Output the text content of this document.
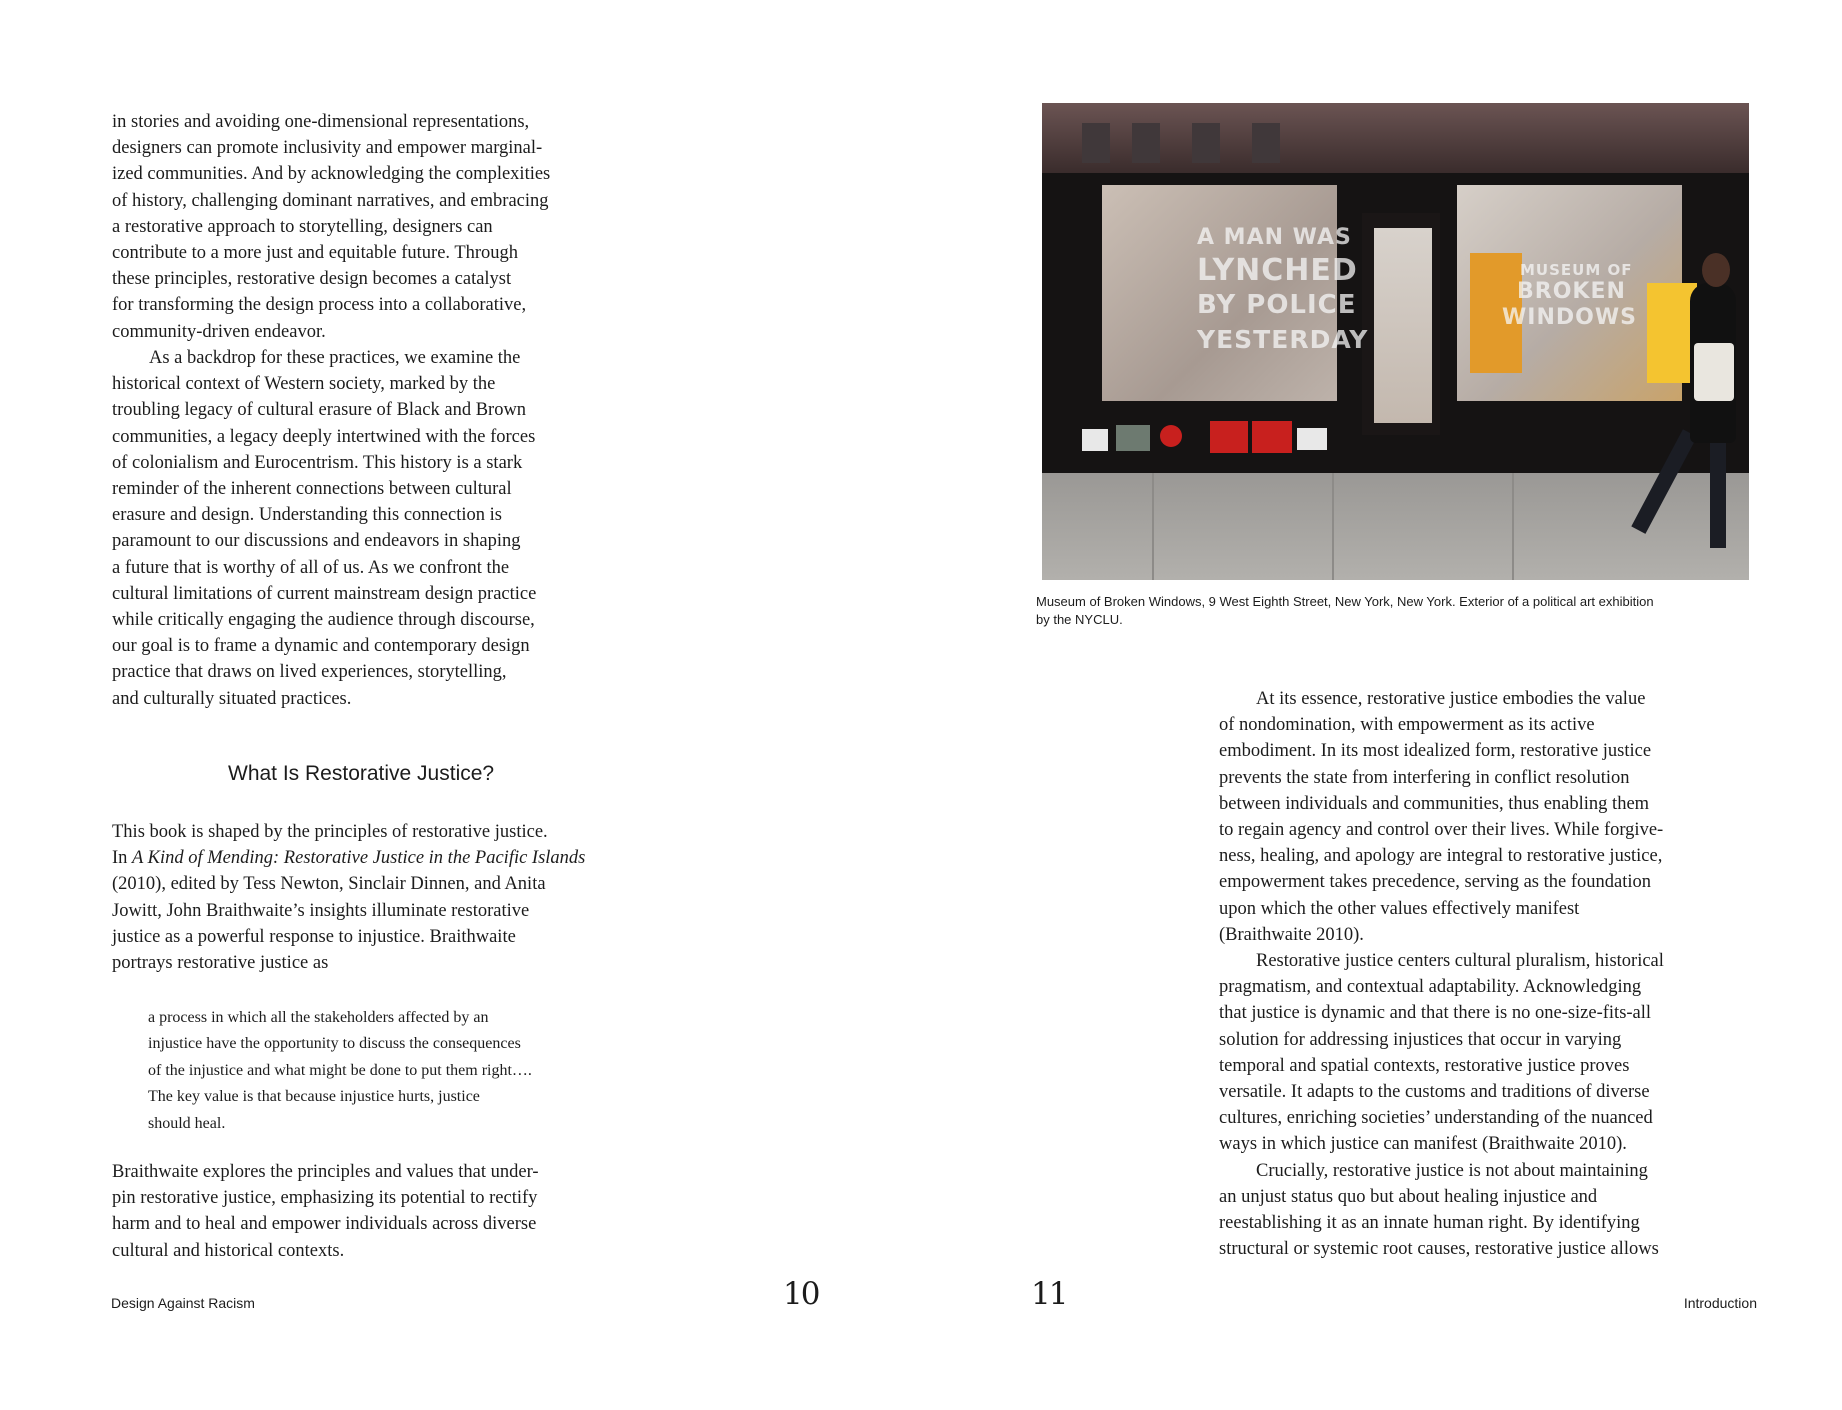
in stories and avoiding one-dimensional representations,

designers can promote inclusivity and empower marginal-

ized communities. And by acknowledging the complexities

of history, challenging dominant narratives, and embracing

a restorative approach to storytelling, designers can

contribute to a more just and equitable future. Through

these principles, restorative design becomes a catalyst

for transforming the design process into a collaborative,

community-driven endeavor.

As a backdrop for these practices, we examine the

historical context of Western society, marked by the

troubling legacy of cultural erasure of Black and Brown

communities, a legacy deeply intertwined with the forces

of colonialism and Eurocentrism. This history is a stark

reminder of the inherent connections between cultural

erasure and design. Understanding this connection is

paramount to our discussions and endeavors in shaping

a future that is worthy of all of us. As we confront the

cultural limitations of current mainstream design practice

while critically engaging the audience through discourse,

our goal is to frame a dynamic and contemporary design

practice that draws on lived experiences, storytelling,

and culturally situated practices.

What Is Restorative Justice?

This book is shaped by the principles of restorative justice.

In A Kind of Mending: Restorative Justice in the Pacific Islands

(2010), edited by Tess Newton, Sinclair Dinnen, and Anita

Jowitt, John Braithwaite’s insights illuminate restorative

justice as a powerful response to injustice. Braithwaite

portrays restorative justice as

a process in which all the stakeholders affected by an

injustice have the opportunity to discuss the consequences

of the injustice and what might be done to put them right….

The key value is that because injustice hurts, justice

should heal.

Braithwaite explores the principles and values that under-

pin restorative justice, emphasizing its potential to rectify

harm and to heal and empower individuals across diverse

cultural and historical contexts.

Design Against Racism	10	11
A MAN WAS
LYNCHED
BY POLICE
YESTERDAY
MUSEUM OF
BROKEN
WINDOWS

Museum of Broken Windows, 9 West Eighth Street, New York, New York. Exterior of a political art exhibition

by the NYCLU.

At its essence, restorative justice embodies the value

of nondomination, with empowerment as its active

embodiment. In its most idealized form, restorative justice

prevents the state from interfering in conflict resolution

between individuals and communities, thus enabling them

to regain agency and control over their lives. While forgive-

ness, healing, and apology are integral to restorative justice,

empowerment takes precedence, serving as the foundation

upon which the other values effectively manifest

(Braithwaite 2010).

Restorative justice centers cultural pluralism, historical

pragmatism, and contextual adaptability. Acknowledging

that justice is dynamic and that there is no one-size-fits-all

solution for addressing injustices that occur in varying

temporal and spatial contexts, restorative justice proves

versatile. It adapts to the customs and traditions of diverse

cultures, enriching societies’ understanding of the nuanced

ways in which justice can manifest (Braithwaite 2010).

Crucially, restorative justice is not about maintaining

an unjust status quo but about healing injustice and

reestablishing it as an innate human right. By identifying

structural or systemic root causes, restorative justice allows

Introduction
